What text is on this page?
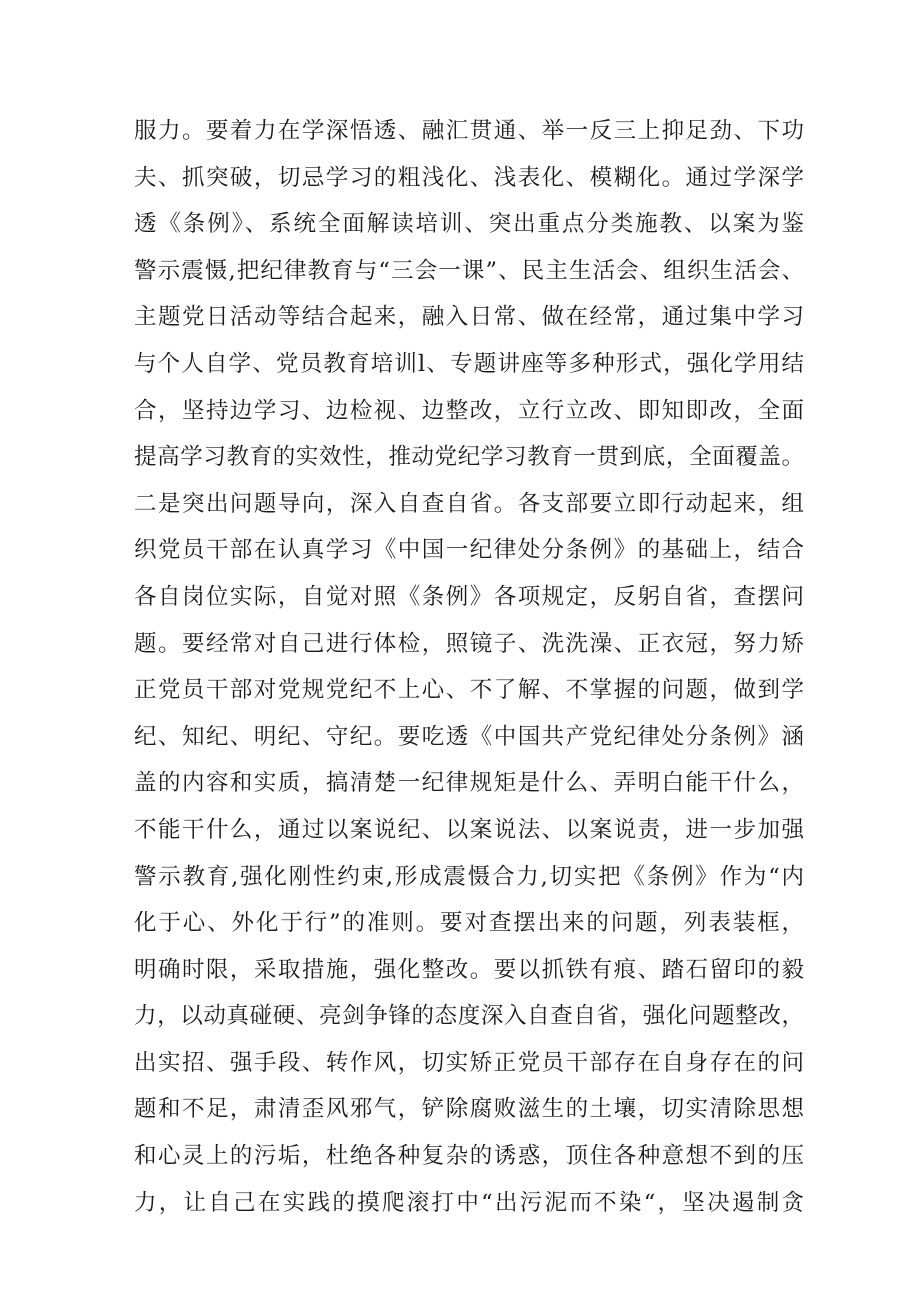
服力。要着力在学深悟透、融汇贯通、举一反三上抑足劲、下功
夫、抓突破，切忌学习的粗浅化、浅表化、模糊化。通过学深学
透《条例》、系统全面解读培训、突出重点分类施教、以案为鉴
警示震慑,把纪律教育与“三会一课”、民主生活会、组织生活会、
主题党日活动等结合起来，融入日常、做在经常，通过集中学习
与个人自学、党员教育培训l、专题讲座等多种形式，强化学用结
合，坚持边学习、边检视、边整改，立行立改、即知即改，全面
提高学习教育的实效性，推动党纪学习教育一贯到底，全面覆盖。
二是突出问题导向，深入自查自省。各支部要立即行动起来，组
织党员干部在认真学习《中国一纪律处分条例》的基础上，结合
各自岗位实际，自觉对照《条例》各项规定，反躬自省，查摆问
题。要经常对自己进行体检，照镜子、洗洗澡、正衣冠，努力矫
正党员干部对党规党纪不上心、不了解、不掌握的问题，做到学
纪、知纪、明纪、守纪。要吃透《中国共产党纪律处分条例》涵
盖的内容和实质，搞清楚一纪律规矩是什么、弄明白能干什么，
不能干什么，通过以案说纪、以案说法、以案说责，进一步加强
警示教育,强化刚性约束,形成震慑合力,切实把《条例》作为“内
化于心、外化于行”的准则。要对查摆出来的问题，列表装框，
明确时限，采取措施，强化整改。要以抓铁有痕、踏石留印的毅
力，以动真碰硬、亮剑争锋的态度深入自查自省，强化问题整改，
出实招、强手段、转作风，切实矫正党员干部存在自身存在的问
题和不足，肃清歪风邪气，铲除腐败滋生的土壤，切实清除思想
和心灵上的污垢，杜绝各种复杂的诱惑，顶住各种意想不到的压
力，让自己在实践的摸爬滚打中“出污泥而不染“，坚决遏制贪
